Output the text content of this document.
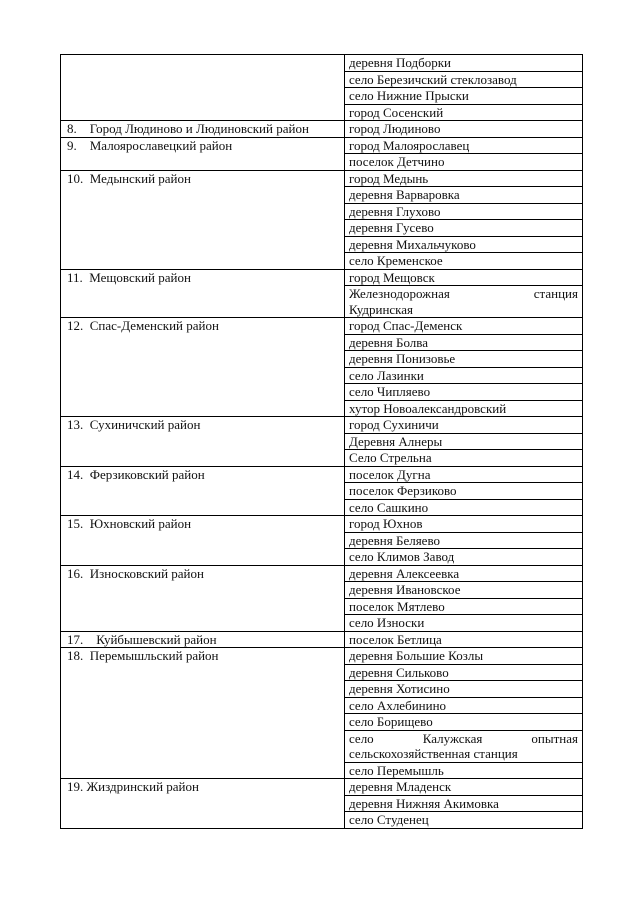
	деревня Подборки
	село Березичский стеклозавод
	село Нижние Прыски
	город Сосенский
8.    Город Людиново и Людиновский район	город Людиново
9.    Малоярославецкий район	город Малоярославец
	поселок Детчино
10.  Медынский район	город Медынь
	деревня Варваровка
	деревня Глухово
	деревня Гусево
	деревня Михальчуково
	село Кременское
11.  Мещовский район	город Мещовск

	Железнодорожная станция
Кудринская

12.  Спас-Деменский район	город Спас-Деменск
	деревня Болва
	деревня Понизовье
	село Лазинки
	село Чипляево
	хутор Новоалександровский
13.  Сухиничский район	город Сухиничи
	Деревня Алнеры
	Село Стрельна
14.  Ферзиковский район	поселок Дугна
	поселок Ферзиково
	село Сашкино
15.  Юхновский район	город Юхнов
	деревня Беляево
	село Климов Завод
16.  Износковский район	деревня Алексеевка
	деревня Ивановское
	поселок Мятлево
	село Износки
17.    Куйбышевский район	поселок Бетлица
18.  Перемышльский район	деревня Большие Козлы
	деревня Сильково
	деревня Хотисино
	село Ахлебинино
	село Борищево

	село Калужская опытная
сельскохозяйственная станция

	село Перемышль
19. Жиздринский район	деревня Младенск
	деревня Нижняя Акимовка
	село Студенец
